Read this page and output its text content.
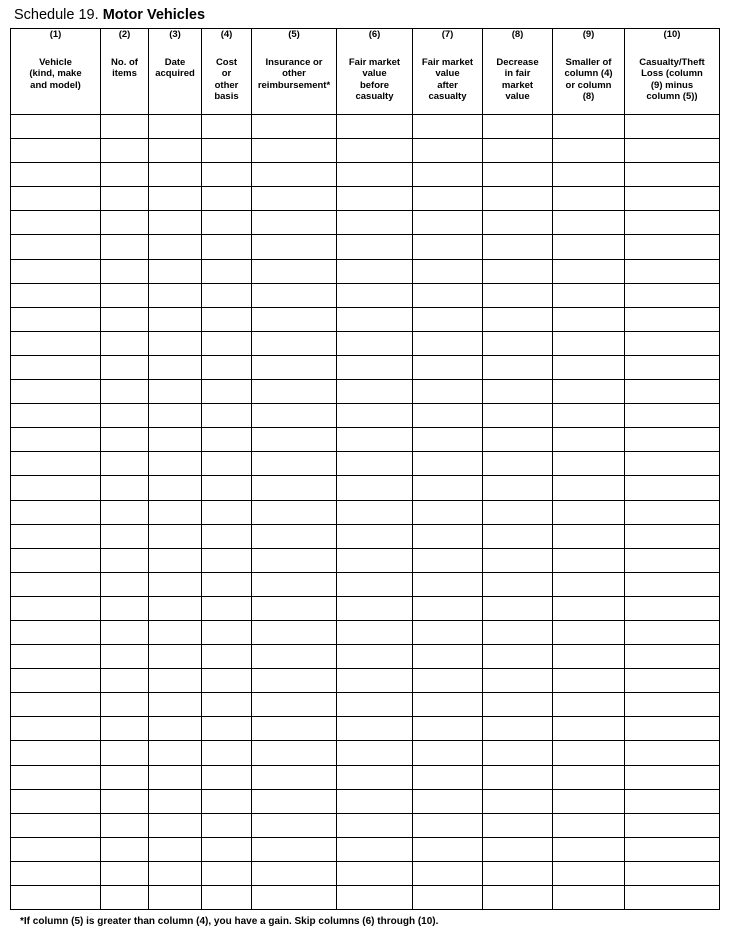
Schedule 19. Motor Vehicles
(1)
Vehicle
(kind, make
and model)	(2)
No. of
items	(3)
Date
acquired	(4)
Cost
or
other
basis	(5)
Insurance or
other
reimbursement*	(6)
Fair market
value
before
casualty	(7)
Fair market
value
after
casualty	(8)
Decrease
in fair
market
value	(9)
Smaller of
column (4)
or column
(8)	(10)
Casualty/Theft
Loss (column
(9) minus
column (5))

*If column (5) is greater than column (4), you have a gain. Skip columns (6) through (10).
